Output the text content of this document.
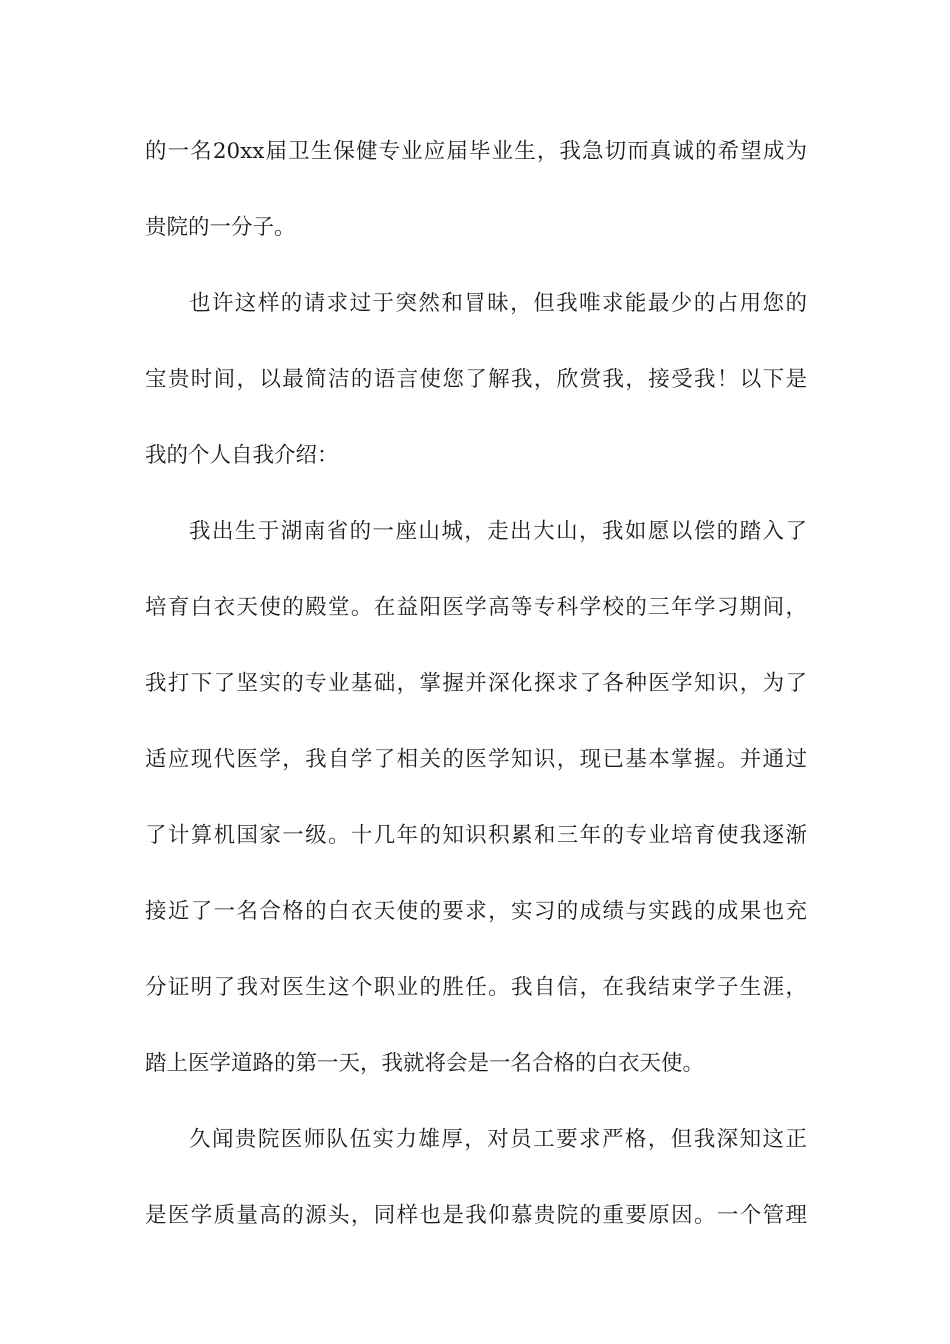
的一名20xx届卫生保健专业应届毕业生，我急切而真诚的希望成为
贵院的一分子。
也许这样的请求过于突然和冒昧，但我唯求能最少的占用您的
宝贵时间，以最简洁的语言使您了解我，欣赏我，接受我！以下是
我的个人自我介绍：
我出生于湖南省的一座山城，走出大山，我如愿以偿的踏入了
培育白衣天使的殿堂。在益阳医学高等专科学校的三年学习期间，
我打下了坚实的专业基础，掌握并深化探求了各种医学知识，为了
适应现代医学，我自学了相关的医学知识，现已基本掌握。并通过
了计算机国家一级。十几年的知识积累和三年的专业培育使我逐渐
接近了一名合格的白衣天使的要求，实习的成绩与实践的成果也充
分证明了我对医生这个职业的胜任。我自信，在我结束学子生涯，
踏上医学道路的第一天，我就将会是一名合格的白衣天使。
久闻贵院医师队伍实力雄厚，对员工要求严格，但我深知这正
是医学质量高的源头，同样也是我仰慕贵院的重要原因。一个管理
